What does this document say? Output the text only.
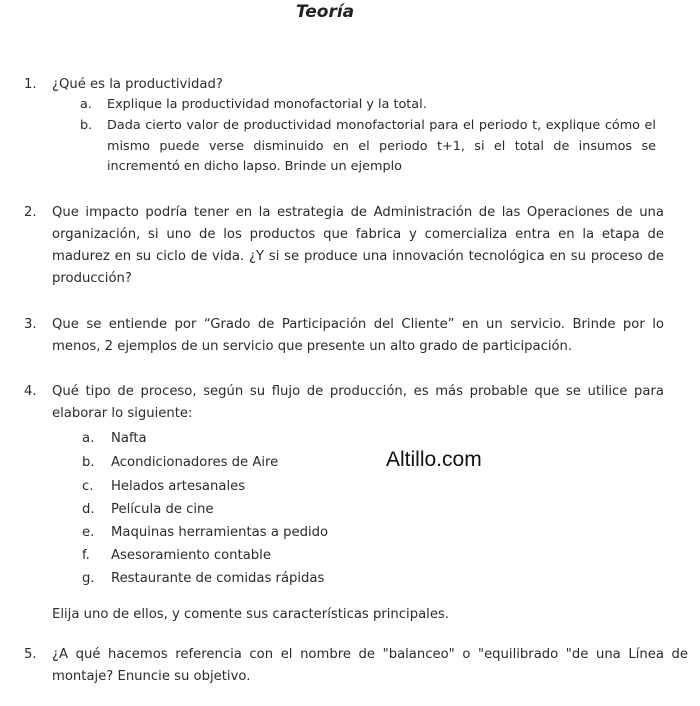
Teoría
1. ¿Qué es la productividad?
a. Explique la productividad monofactorial y la total.
b. Dada cierto valor de productividad monofactorial para el periodo t, explique cómo el mismo puede verse disminuido en el periodo t+1, si el total de insumos se incrementó en dicho lapso. Brinde un ejemplo
2. Que impacto podría tener en la estrategia de Administración de las Operaciones de una organización, si uno de los productos que fabrica y comercializa entra en la etapa de madurez en su ciclo de vida. ¿Y si se produce una innovación tecnológica en su proceso de producción?
3. Que se entiende por “Grado de Participación del Cliente” en un servicio. Brinde por lo menos, 2 ejemplos de un servicio que presente un alto grado de participación.
4. Qué tipo de proceso, según su flujo de producción, es más probable que se utilice para elaborar lo siguiente:
a. Nafta
b. Acondicionadores de Aire
c. Helados artesanales
d. Película de cine
e. Maquinas herramientas a pedido
f. Asesoramiento contable
g. Restaurante de comidas rápidas
Elija uno de ellos, y comente sus características principales.
5. ¿A qué hacemos referencia con el nombre de "balanceo" o "equilibrado "de una Línea de montaje? Enuncie su objetivo.
Altillo.com
